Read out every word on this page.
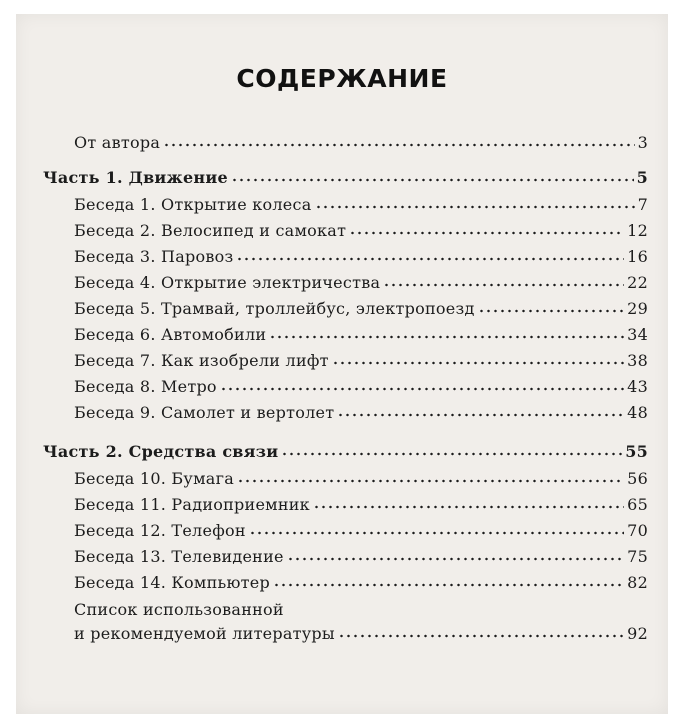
СОДЕРЖАНИЕ
От автора	3
Часть 1. Движение	5
Беседа 1. Открытие колеса	7
Беседа 2. Велосипед и самокат	12
Беседа 3. Паровоз	16
Беседа 4. Открытие электричества	22
Беседа 5. Трамвай, троллейбус, электропоезд	29
Беседа 6. Автомобили	34
Беседа 7. Как изобрели лифт	38
Беседа 8. Метро	43
Беседа 9. Самолет и вертолет	48
Часть 2. Средства связи	55
Беседа 10. Бумага	56
Беседа 11. Радиоприемник	65
Беседа 12. Телефон	70
Беседа 13. Телевидение	75
Беседа 14. Компьютер	82
Список использованной
и рекомендуемой литературы	92
